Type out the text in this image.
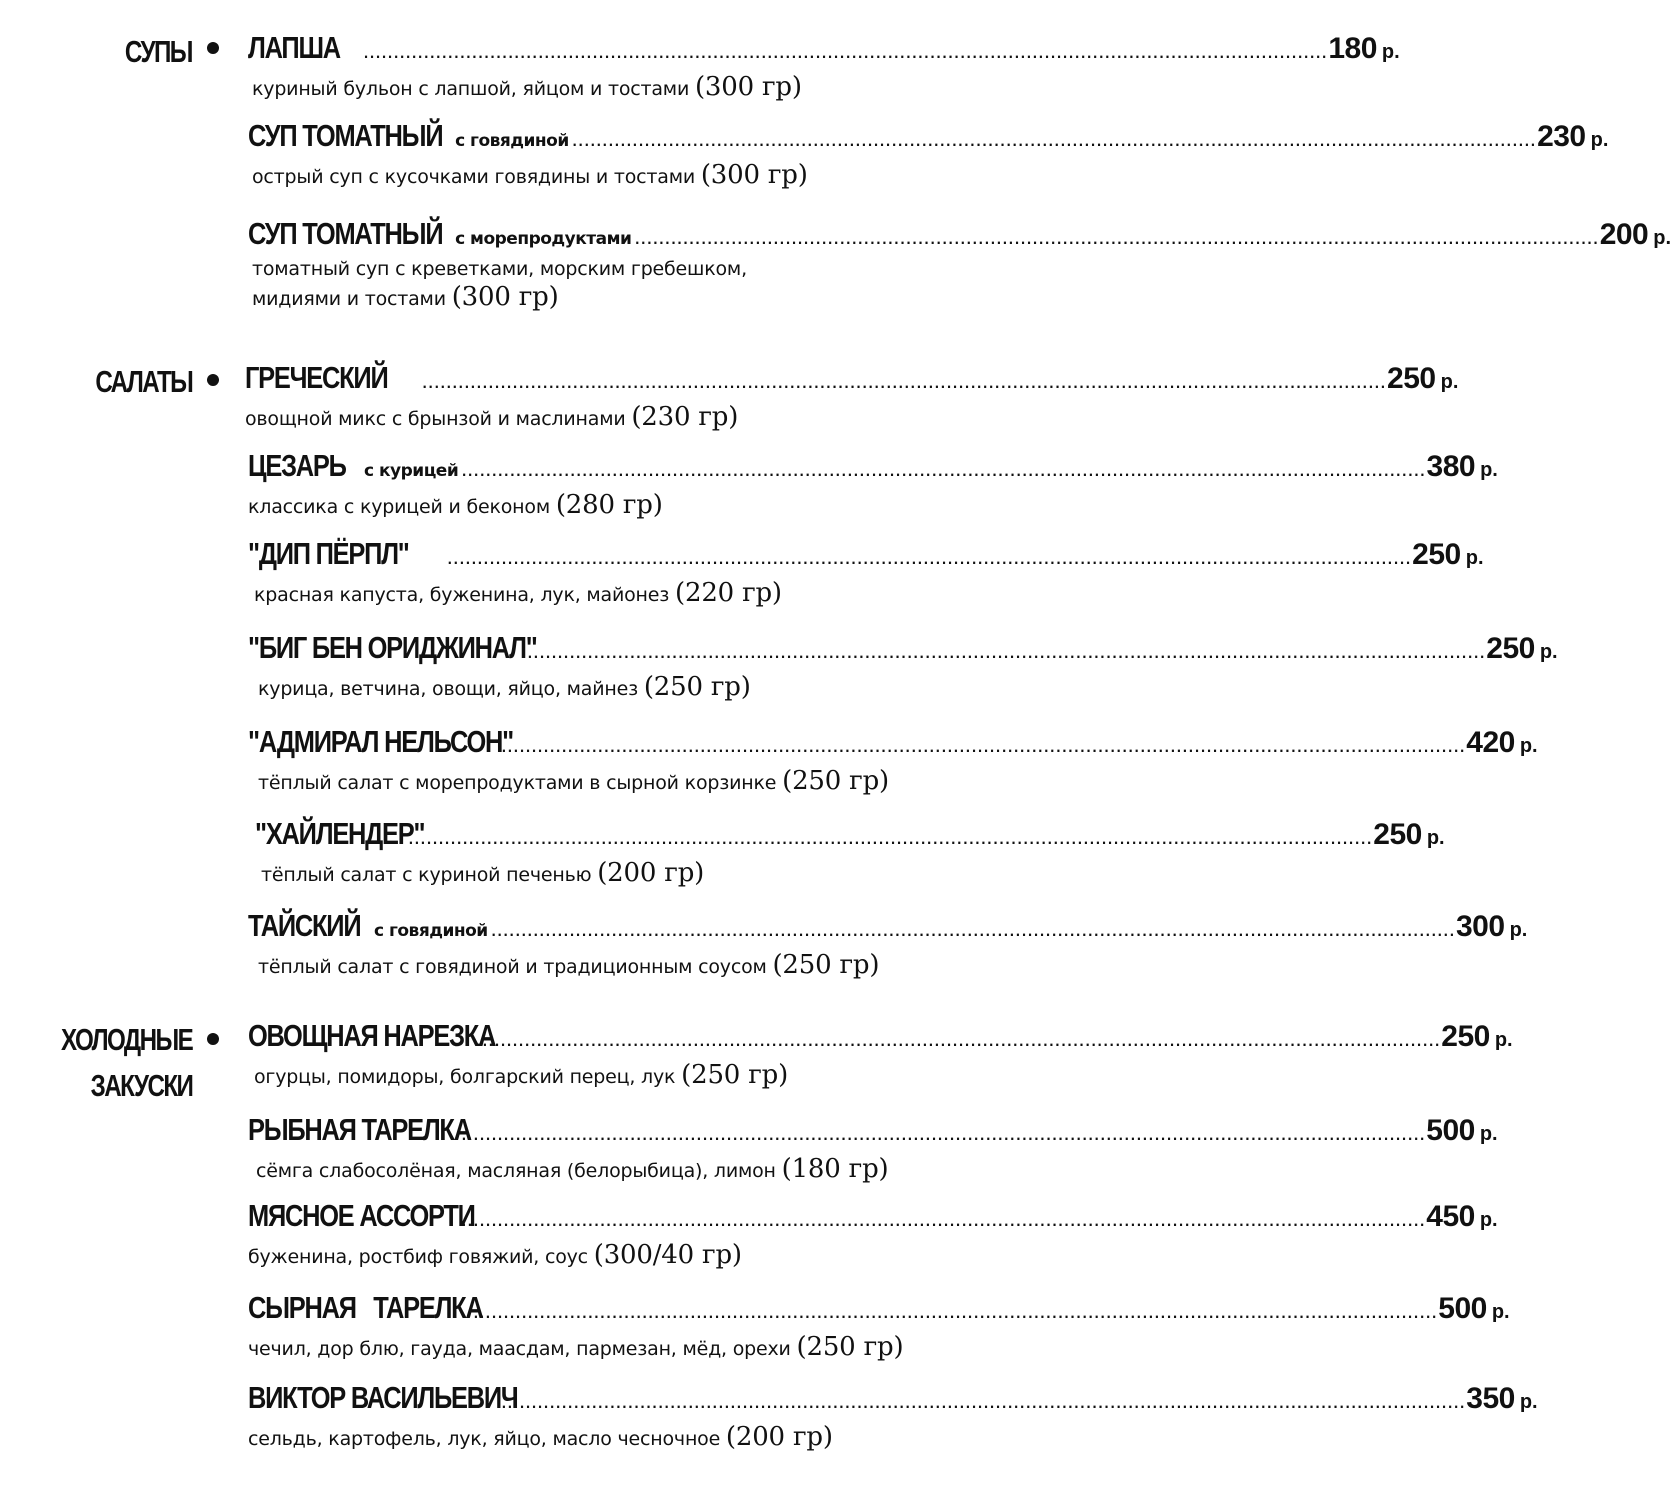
СУПЫ
САЛАТЫ
ХОЛОДНЫЕ
ЗАКУСКИ
ЛАПША	................................................................................................................................................................ 180 р.
куриный бульон с лапшой, яйцом и тостами (300 гр)
СУП ТОМАТНЫЙ с говядиной ................................................................................................................................................................ 230 р.
острый суп с кусочками говядины и тостами (300 гр)
СУП ТОМАТНЫЙ с морепродуктами ................................................................................................................................................................ 200 р.
томатный суп с креветками, морским гребешком,
мидиями и тостами (300 гр)
ГРЕЧЕСКИЙ	................................................................................................................................................................ 250 р.
овощной микс с брынзой и маслинами (230 гр)
ЦЕЗАРЬ	с курицей ................................................................................................................................................................ 380 р.
классика с курицей и беконом (280 гр)
"ДИП ПЁРПЛ"	................................................................................................................................................................ 250 р.
красная капуста, буженина, лук, майонез (220 гр)
"БИГ БЕН ОРИДЖИНАЛ"
................................................................................................................................................................ 250 р.
курица, ветчина, овощи, яйцо, майнез (250 гр)
"АДМИРАЛ НЕЛЬСОН"
................................................................................................................................................................ 420 р.
тёплый салат с морепродуктами в сырной корзинке (250 гр)
"ХАЙЛЕНДЕР"
................................................................................................................................................................ 250 р.
тёплый салат с куриной печенью (200 гр)
ТАЙСКИЙ с говядиной ................................................................................................................................................................ 300 р.
тёплый салат с говядиной и традиционным соусом (250 гр)
ОВОЩНАЯ НАРЕЗКА
................................................................................................................................................................ 250 р.
огурцы, помидоры, болгарский перец, лук (250 гр)
РЫБНАЯ ТАРЕЛКА
................................................................................................................................................................ 500 р.
сёмга слабосолёная, масляная (белорыбица), лимон (180 гр)
МЯСНОЕ АССОРТИ
................................................................................................................................................................ 450 р.
буженина, ростбиф говяжий, соус (300/40 гр)
СЫРНАЯ   ТАРЕЛКА
................................................................................................................................................................ 500 р.
чечил, дор блю, гауда, маасдам, пармезан, мёд, орехи (250 гр)
ВИКТОР ВАСИЛЬЕВИЧ
................................................................................................................................................................ 350 р.
сельдь, картофель, лук, яйцо, масло чесночное (200 гр)
